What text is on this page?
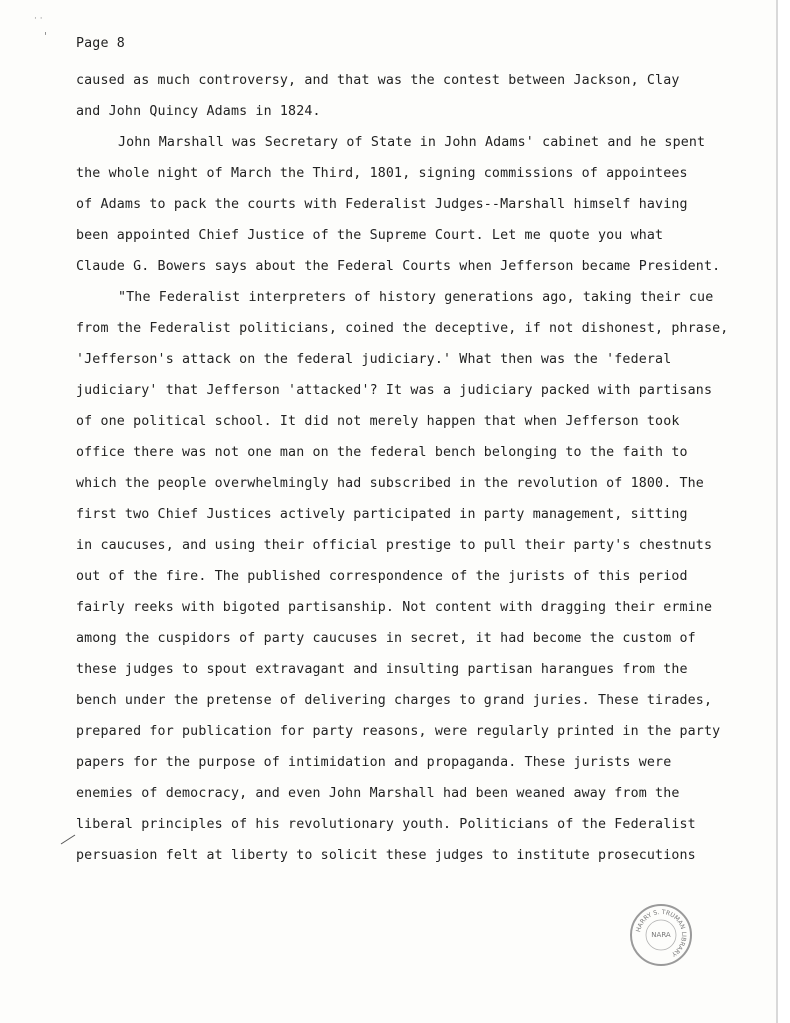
· ·
' Page 8
caused as much controversy, and that was the contest between Jackson, Clay
and John Quincy Adams in 1824.
John Marshall was Secretary of State in John Adams' cabinet and he spent
the whole night of March the Third, 1801, signing commissions of appointees
of Adams to pack the courts with Federalist Judges--Marshall himself having
been appointed Chief Justice of the Supreme Court. Let me quote you what
Claude G. Bowers says about the Federal Courts when Jefferson became President.
"The Federalist interpreters of history generations ago, taking their cue
from the Federalist politicians, coined the deceptive, if not dishonest, phrase,
'Jefferson's attack on the federal judiciary.' What then was the 'federal
judiciary' that Jefferson 'attacked'? It was a judiciary packed with partisans
of one political school. It did not merely happen that when Jefferson took
office there was not one man on the federal bench belonging to the faith to
which the people overwhelmingly had subscribed in the revolution of 1800. The
first two Chief Justices actively participated in party management, sitting
in caucuses, and using their official prestige to pull their party's chestnuts
out of the fire. The published correspondence of the jurists of this period
fairly reeks with bigoted partisanship. Not content with dragging their ermine
among the cuspidors of party caucuses in secret, it had become the custom of
these judges to spout extravagant and insulting partisan harangues from the
bench under the pretense of delivering charges to grand juries. These tirades,
prepared for publication for party reasons, were regularly printed in the party
papers for the purpose of intimidation and propaganda. These jurists were
enemies of democracy, and even John Marshall had been weaned away from the
liberal principles of his revolutionary youth. Politicians of the Federalist
persuasion felt at liberty to solicit these judges to institute prosecutions
HARRY S. TRUMAN LIBRARY
NARA
